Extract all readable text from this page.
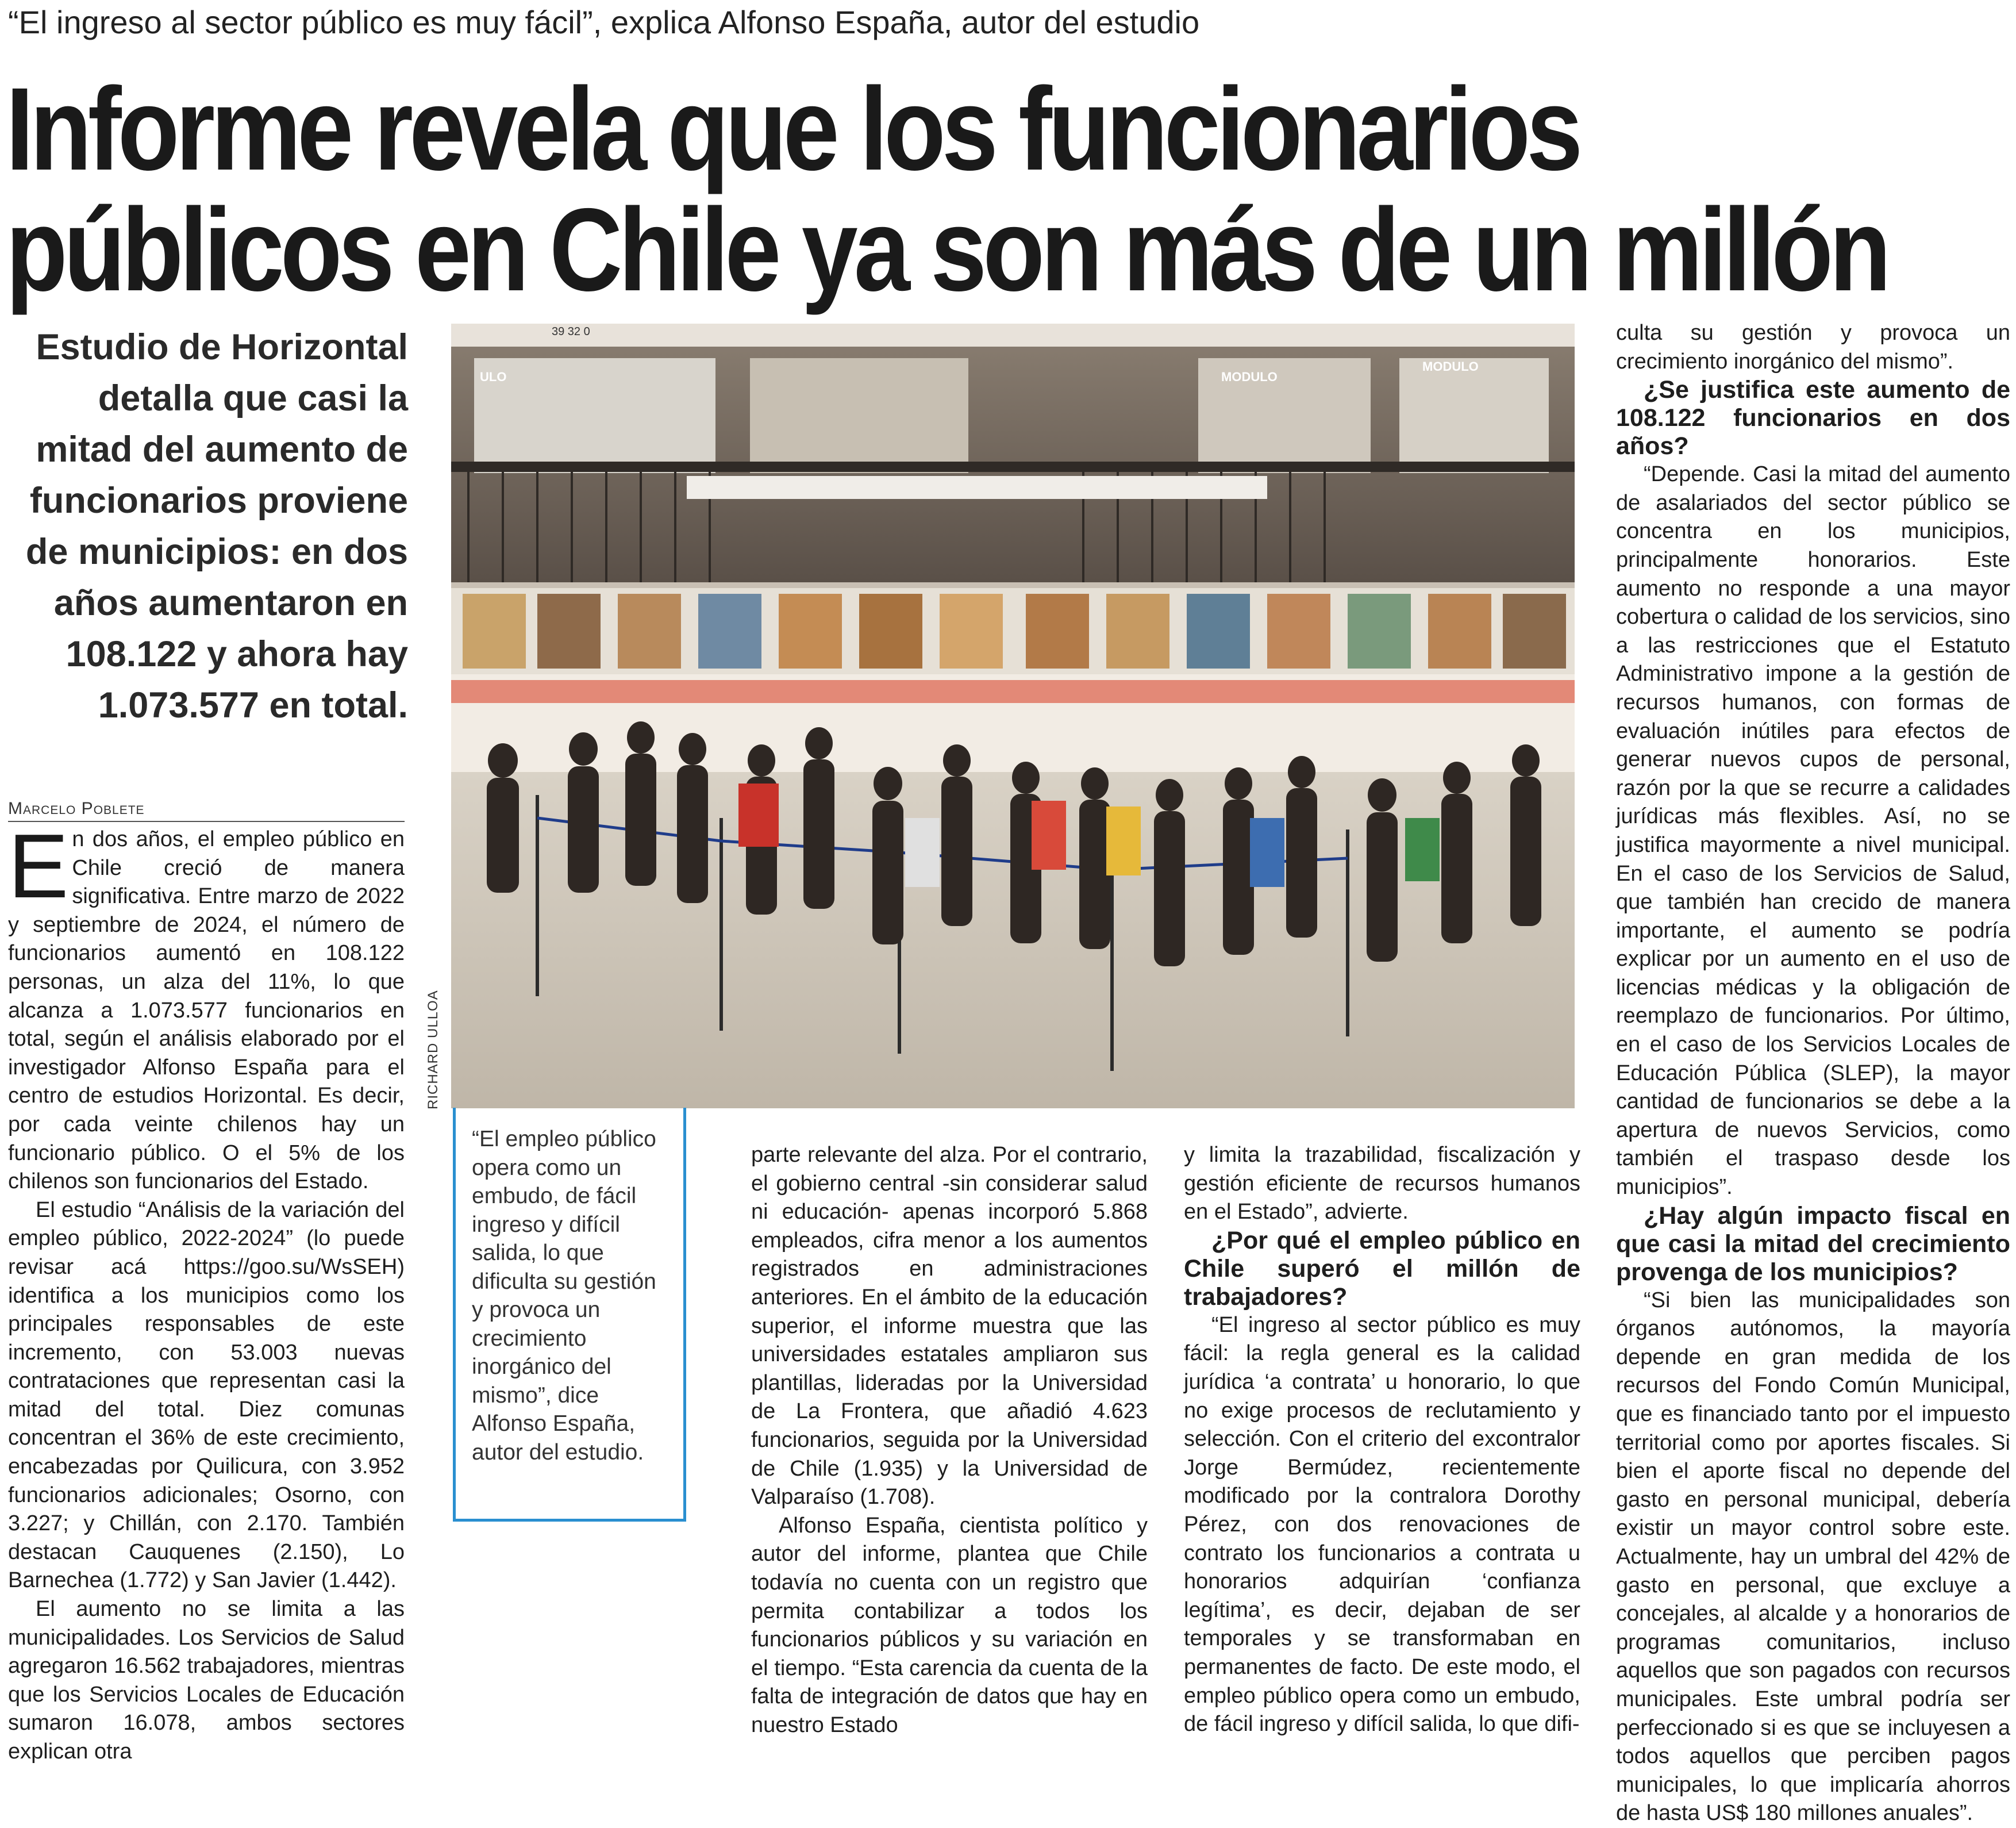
“El ingreso al sector público es muy fácil”, explica Alfonso España, autor del estudio
Informe revela que los funcionarios
públicos en Chile ya son más de un millón
Estudio de Horizontal detalla que casi la mitad del aumento de funcionarios proviene de municipios: en dos años aumentaron en 108.122 y ahora hay 1.073.577 en total.
Marcelo Poblete

En dos años, el empleo público en Chile creció de manera significativa. Entre marzo de 2022 y septiembre de 2024, el número de funcionarios aumentó en 108.122 personas, un alza del 11%, lo que alcanza a 1.073.577 funcionarios en total, según el análisis elaborado por el investigador Alfonso España para el centro de estudios Horizontal. Es decir, por cada veinte chilenos hay un funcionario público. O el 5% de los chilenos son funcionarios del Estado.

El estudio “Análisis de la variación del empleo público, 2022-2024” (lo puede revisar acá https://goo.su/WsSEH) identifica a los municipios como los principales responsables de este incremento, con 53.003 nuevas contrataciones que representan casi la mitad del total. Diez comunas concentran el 36% de este crecimiento, encabezadas por Quilicura, con 3.952 funcionarios adicionales; Osorno, con 3.227; y Chillán, con 2.170. También destacan Cauquenes (2.150), Lo Barnechea (1.772) y San Javier (1.442).

El aumento no se limita a las municipalidades. Los Servicios de Salud agregaron 16.562 trabajadores, mientras que los Servicios Locales de Educación sumaron 16.078, ambos sectores explican otra

39 32 0
ULO	MODULO
MODULO
RICHARD ULLOA
“El empleo público opera como un embudo, de fácil ingreso y difícil salida, lo que dificulta su gestión y provoca un crecimiento inorgánico del mismo”, dice Alfonso España, autor del estudio.

parte relevante del alza. Por el contrario, el gobierno central -sin considerar salud ni educación- apenas incorporó 5.868 empleados, cifra menor a los aumentos registrados en administraciones anteriores. En el ámbito de la educación superior, el informe muestra que las universidades estatales ampliaron sus plantillas, lideradas por la Universidad de La Frontera, que añadió 4.623 funcionarios, seguida por la Universidad de Chile (1.935) y la Universidad de Valparaíso (1.708).

Alfonso España, cientista político y autor del informe, plantea que Chile todavía no cuenta con un registro que permita contabilizar a todos los funcionarios públicos y su variación en el tiempo. “Esta carencia da cuenta de la falta de integración de datos que hay en nuestro Estado

y limita la trazabilidad, fiscalización y gestión eficiente de recursos humanos en el Estado”, advierte.

¿Por qué el empleo público en Chile superó el millón de trabajadores?

“El ingreso al sector público es muy fácil: la regla general es la calidad jurídica ‘a contrata’ u honorario, lo que no exige procesos de reclutamiento y selección. Con el criterio del excontralor Jorge Bermúdez, recientemente modificado por la contralora Dorothy Pérez, con dos renovaciones de contrato los funcionarios a contrata u honorarios adquirían ‘confianza legítima’, es decir, dejaban de ser temporales y se transformaban en permanentes de facto. De este modo, el empleo público opera como un embudo, de fácil ingreso y difícil salida, lo que difi-

culta su gestión y provoca un crecimiento inorgánico del mismo”.

¿Se justifica este aumento de 108.122 funcionarios en dos años?

“Depende. Casi la mitad del aumento de asalariados del sector público se concentra en los municipios, principalmente honorarios. Este aumento no responde a una mayor cobertura o calidad de los servicios, sino a las restricciones que el Estatuto Administrativo impone a la gestión de recursos humanos, con formas de evaluación inútiles para efectos de generar nuevos cupos de personal, razón por la que se recurre a calidades jurídicas más flexibles. Así, no se justifica mayormente a nivel municipal. En el caso de los Servicios de Salud, que también han crecido de manera importante, el aumento se podría explicar por un aumento en el uso de licencias médicas y la obligación de reemplazo de funcionarios. Por último, en el caso de los Servicios Locales de Educación Pública (SLEP), la mayor cantidad de funcionarios se debe a la apertura de nuevos Servicios, como también el traspaso desde los municipios”.

¿Hay algún impacto fiscal en que casi la mitad del crecimiento provenga de los municipios?

“Si bien las municipalidades son órganos autónomos, la mayoría depende en gran medida de los recursos del Fondo Común Municipal, que es financiado tanto por el impuesto territorial como por aportes fiscales. Si bien el aporte fiscal no depende del gasto en personal municipal, debería existir un mayor control sobre este. Actualmente, hay un umbral del 42% de gasto en personal, que excluye a concejales, al alcalde y a honorarios de programas comunitarios, incluso aquellos que son pagados con recursos municipales. Este umbral podría ser perfeccionado si es que se incluyesen a todos aquellos que perciben pagos municipales, lo que implicaría ahorros de hasta US$ 180 millones anuales”.
